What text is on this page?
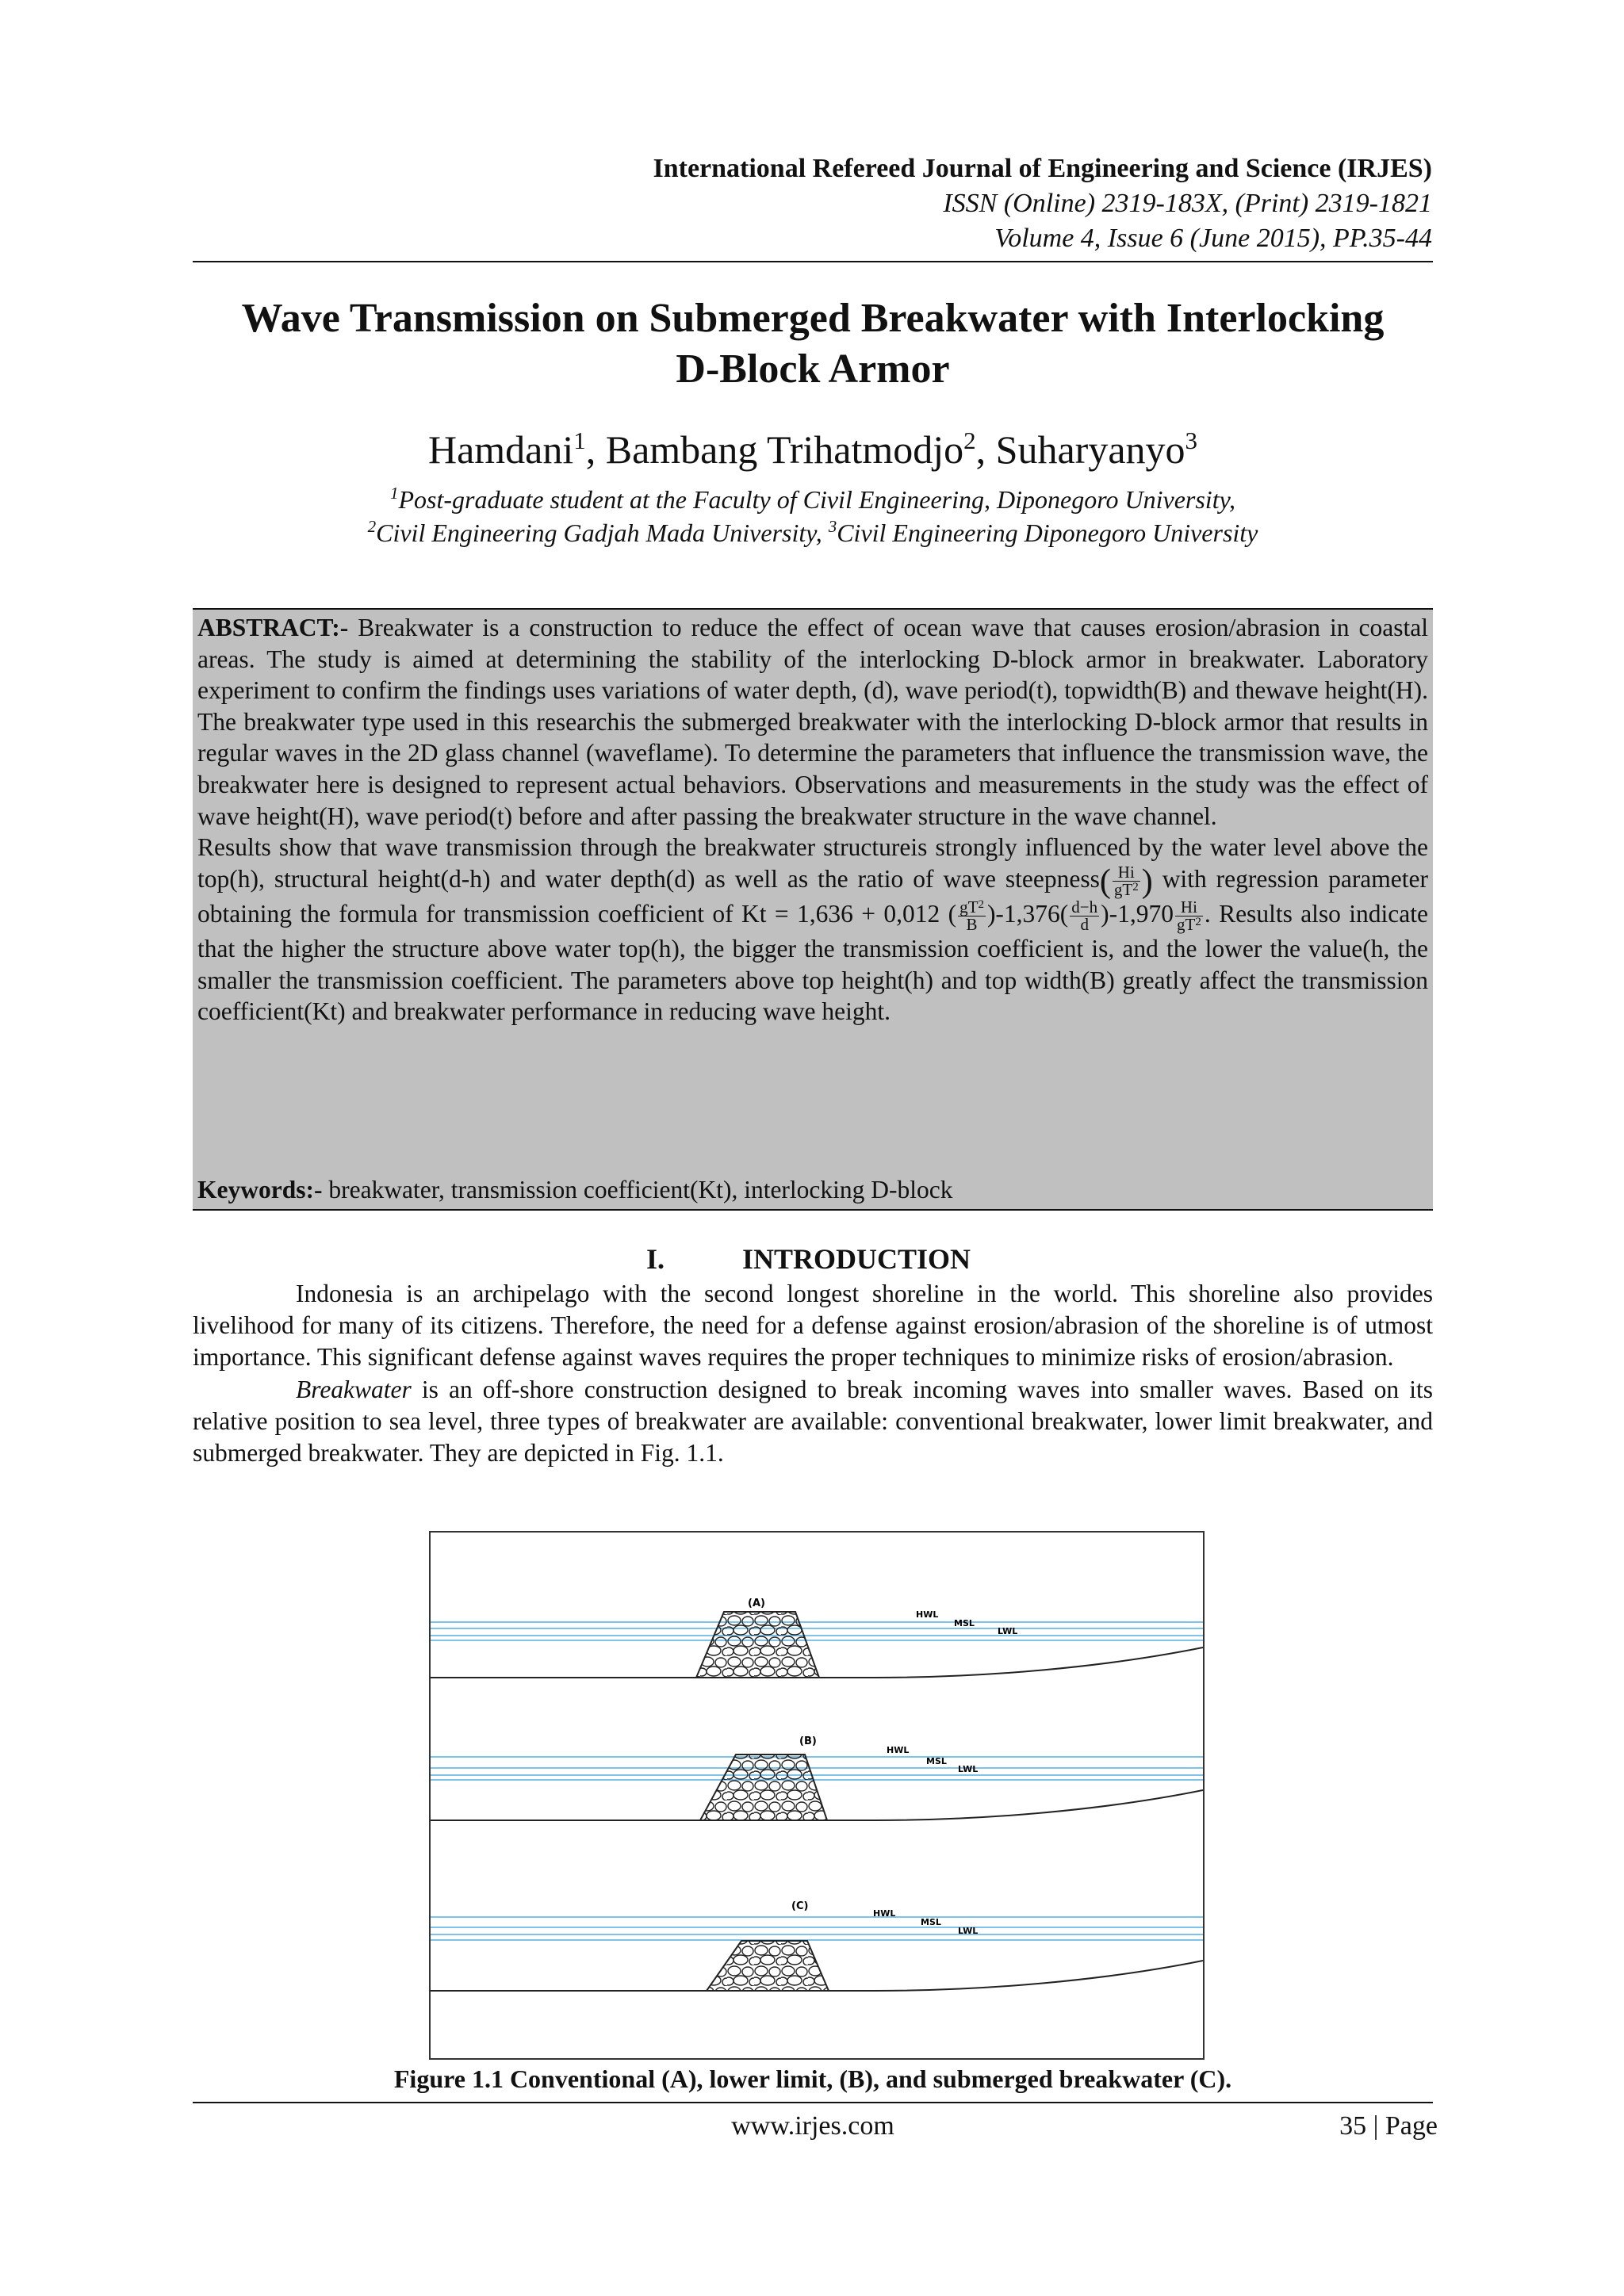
International Refereed Journal of Engineering and Science (IRJES)
ISSN (Online) 2319-183X, (Print) 2319-1821
Volume 4, Issue 6 (June 2015), PP.35-44
Wave Transmission on Submerged Breakwater with Interlocking
D-Block Armor
Hamdani$^1$, Bambang Trihatmodjo$^2$, Suharyanyo$^3$
$^1$Post-graduate student at the Faculty of Civil Engineering, Diponegoro University,
$^2$Civil Engineering Gadjah Mada University, $^3$Civil Engineering Diponegoro University

ABSTRACT:- Breakwater is a construction to reduce the effect of ocean wave that causes erosion/abrasion in coastal areas. The study is aimed at determining the stability of the interlocking D-block armor in breakwater. Laboratory experiment to confirm the findings uses variations of water depth, (d), wave period(t), topwidth(B) and thewave height(H). The breakwater type used in this researchis the submerged breakwater with the interlocking D-block armor that results in regular waves in the 2D glass channel (waveflame). To determine the parameters that influence the transmission wave, the breakwater here is designed to represent actual behaviors. Observations and measurements in the study was the effect of wave height(H), wave period(t) before and after passing the breakwater structure in the wave channel.

Results show that wave transmission through the breakwater structureis strongly influenced by the water level above the top(h), structural height(d-h) and water depth(d) as well as the ratio of wave steepness( $\frac{Hi}{gT^2}$ ) with regression parameter obtaining the formula for transmission coefficient of Kt = 1,636 + 0,012 ( $\frac{gT^2}{B} )-1,376( \frac{d-h}{d} )-1,970 \frac{Hi}{gT^2}$ . Results also indicate that the higher the structure above water top(h), the bigger the transmission coefficient is, and the lower the value(h, the smaller the transmission coefficient. The parameters above top height(h) and top width(B) greatly affect the transmission coefficient(Kt) and breakwater performance in reducing wave height.

Keywords:- breakwater, transmission coefficient(Kt), interlocking D-block
I.	INTRODUCTION

Indonesia is an archipelago with the second longest shoreline in the world. This shoreline also provides livelihood for many of its citizens. Therefore, the need for a defense against erosion/abrasion of the shoreline is of utmost importance. This significant defense against waves requires the proper techniques to minimize risks of erosion/abrasion.

Breakwater is an off-shore construction designed to break incoming waves into smaller waves. Based on its relative position to sea level, three types of breakwater are available: conventional breakwater, lower limit breakwater, and submerged breakwater. They are depicted in Fig. 1.1.

(A)
HWL
MSL
LWL
(B)
HWL
MSL
LWL
(C)
HWL
MSL
LWL
Figure 1.1 Conventional (A), lower limit, (B), and submerged breakwater (C).
www.irjes.com	35 | Page
